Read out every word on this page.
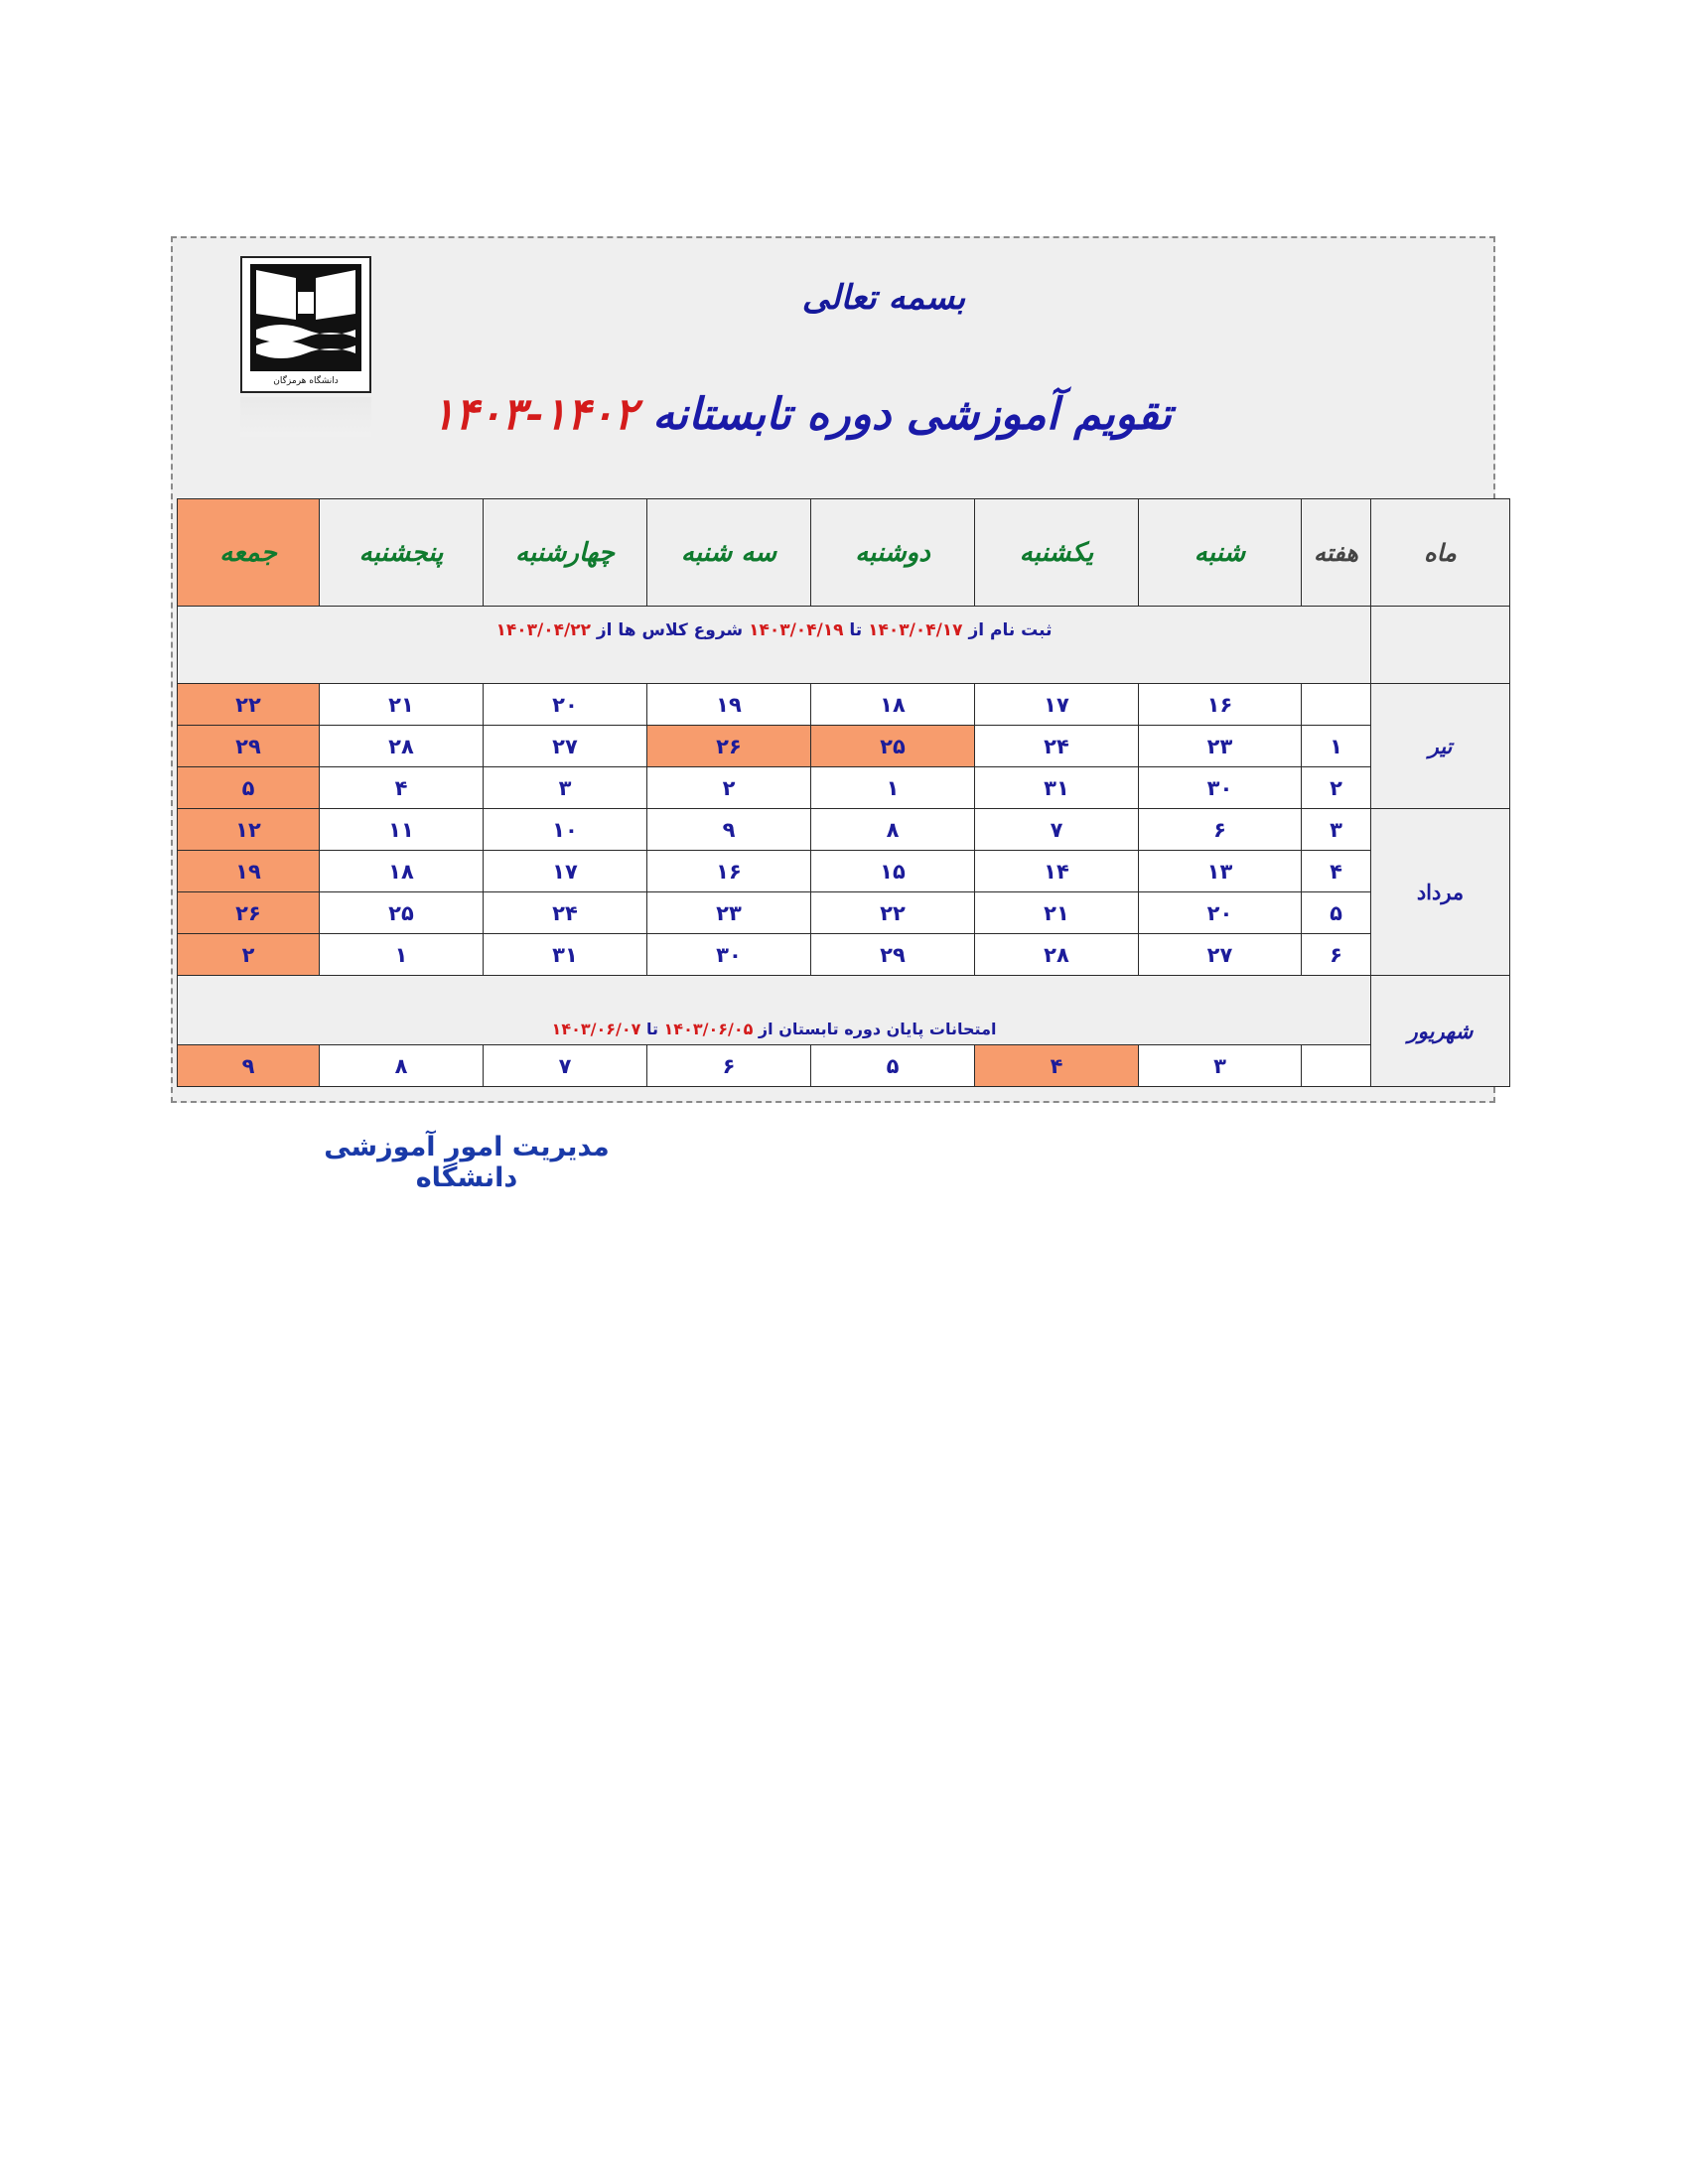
دانشگاه هرمزگان
بسمه تعالی
تقویم آموزشی دوره تابستانه ۱۴۰۲-۱۴۰۳
ماه	هفته	شنبه	یکشنبه	دوشنبه	سه شنبه	چهارشنبه	پنجشنبه	جمعه
	ثبت نام از ۱۴۰۳/۰۴/۱۷ تا ۱۴۰۳/۰۴/۱۹ شروع کلاس ها از ۱۴۰۳/۰۴/۲۲							
تیر		۱۶	۱۷	۱۸	۱۹	۲۰	۲۱	۲۲
	۱	۲۳	۲۴	۲۵	۲۶	۲۷	۲۸	۲۹
	۲	۳۰	۳۱	۱	۲	۳	۴	۵
مرداد	۳	۶	۷	۸	۹	۱۰	۱۱	۱۲
	۴	۱۳	۱۴	۱۵	۱۶	۱۷	۱۸	۱۹
	۵	۲۰	۲۱	۲۲	۲۳	۲۴	۲۵	۲۶
	۶	۲۷	۲۸	۲۹	۳۰	۳۱	۱	۲
شهریور	امتحانات پایان دوره تابستان از ۱۴۰۳/۰۶/۰۵ تا ۱۴۰۳/۰۶/۰۷							
		۳	۴	۵	۶	۷	۸	۹
مدیریت امور آموزشی دانشگاه
